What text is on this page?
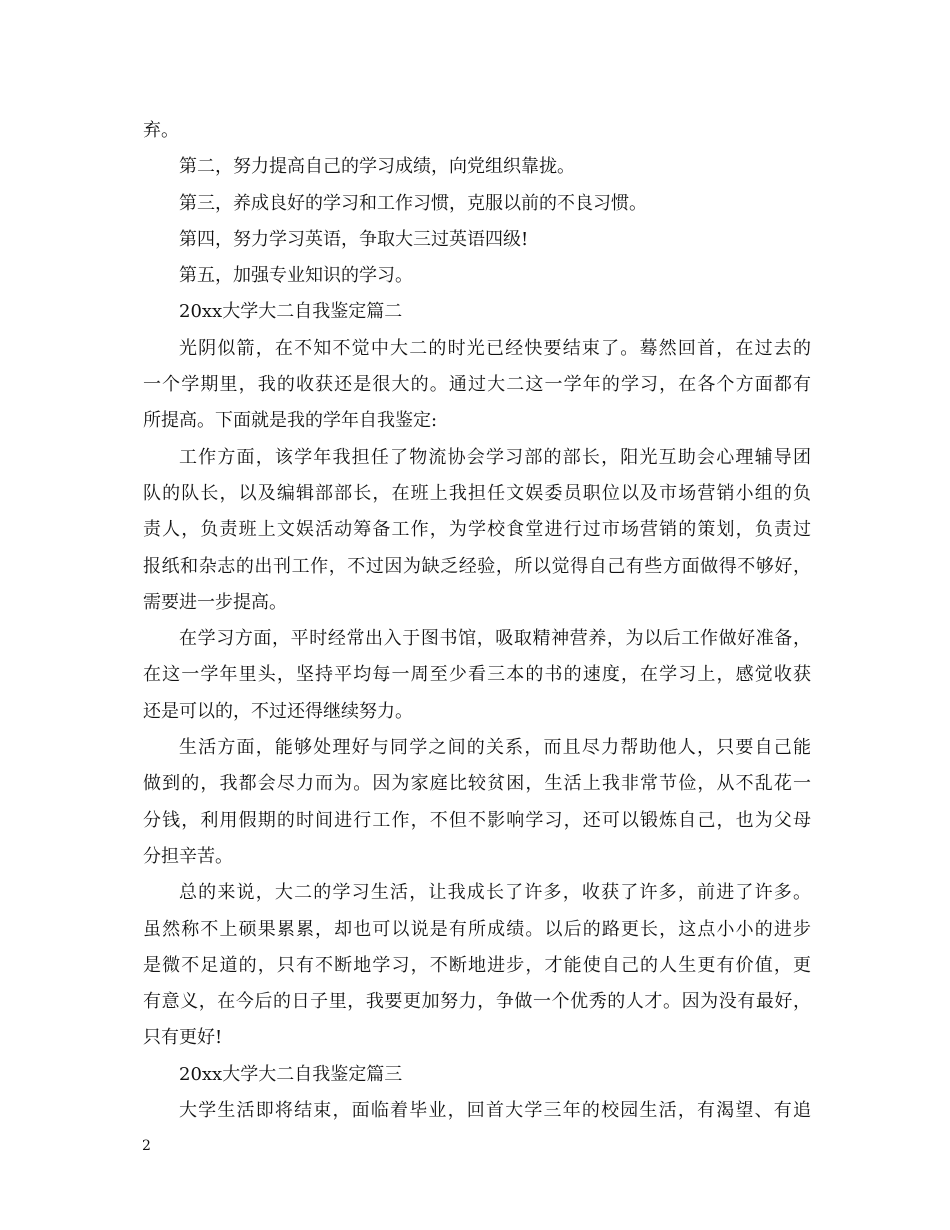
弃。
第二，努力提高自己的学习成绩，向党组织靠拢。
第三，养成良好的学习和工作习惯，克服以前的不良习惯。
第四，努力学习英语，争取大三过英语四级!
第五，加强专业知识的学习。
20xx大学大二自我鉴定篇二
光阴似箭，在不知不觉中大二的时光已经快要结束了。蓦然回首，在过去的
一个学期里，我的收获还是很大的。通过大二这一学年的学习，在各个方面都有
所提高。下面就是我的学年自我鉴定:
工作方面，该学年我担任了物流协会学习部的部长，阳光互助会心理辅导团
队的队长，以及编辑部部长，在班上我担任文娱委员职位以及市场营销小组的负
责人，负责班上文娱活动筹备工作，为学校食堂进行过市场营销的策划，负责过
报纸和杂志的出刊工作，不过因为缺乏经验，所以觉得自己有些方面做得不够好，
需要进一步提高。
在学习方面，平时经常出入于图书馆，吸取精神营养，为以后工作做好准备，
在这一学年里头，坚持平均每一周至少看三本的书的速度，在学习上，感觉收获
还是可以的，不过还得继续努力。
生活方面，能够处理好与同学之间的关系，而且尽力帮助他人，只要自己能
做到的，我都会尽力而为。因为家庭比较贫困，生活上我非常节俭，从不乱花一
分钱，利用假期的时间进行工作，不但不影响学习，还可以锻炼自己，也为父母
分担辛苦。
总的来说，大二的学习生活，让我成长了许多，收获了许多，前进了许多。
虽然称不上硕果累累，却也可以说是有所成绩。以后的路更长，这点小小的进步
是微不足道的，只有不断地学习，不断地进步，才能使自己的人生更有价值，更
有意义，在今后的日子里，我要更加努力，争做一个优秀的人才。因为没有最好，
只有更好!
20xx大学大二自我鉴定篇三
大学生活即将结束，面临着毕业，回首大学三年的校园生活，有渴望、有追
2
